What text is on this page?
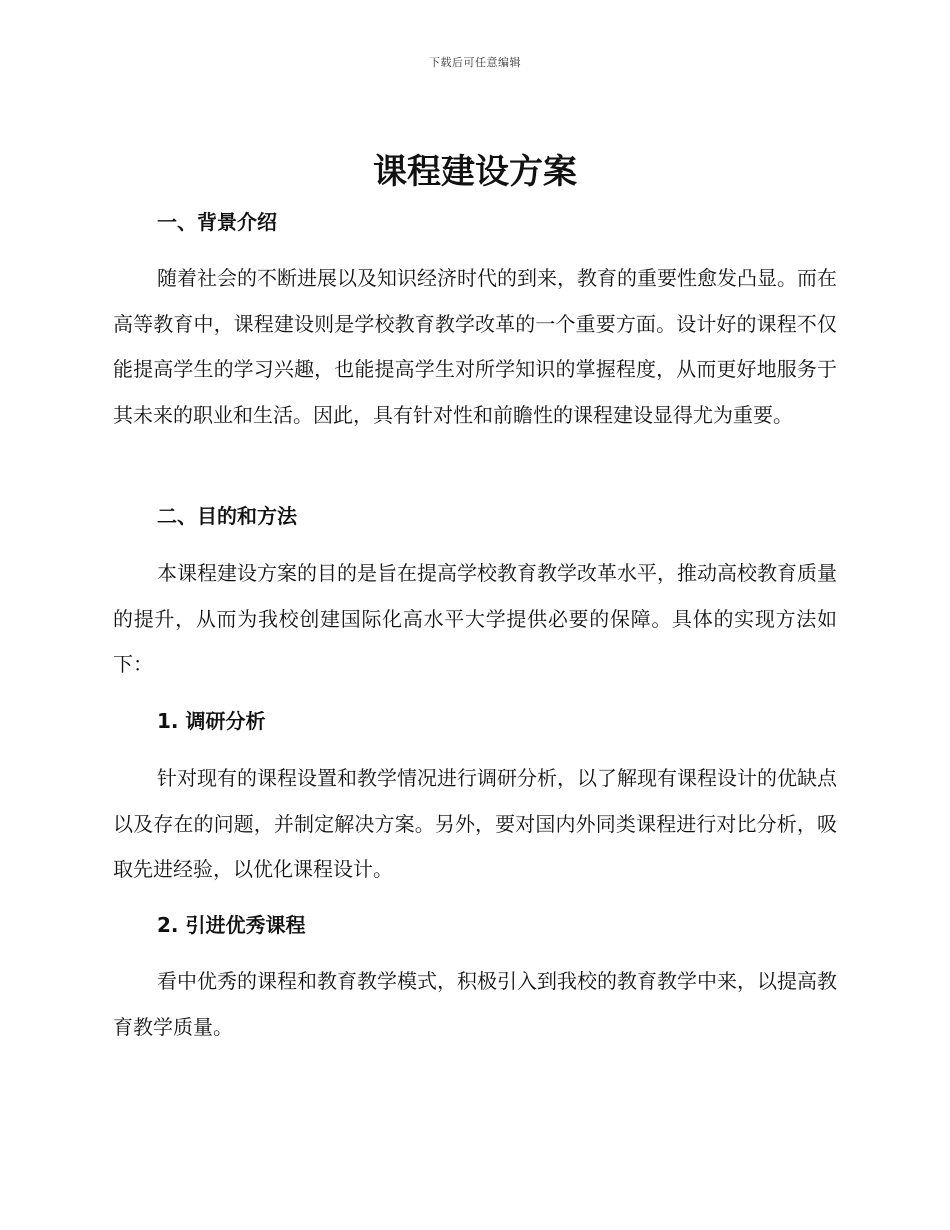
下载后可任意编辑
课程建设方案
一、背景介绍

随着社会的不断进展以及知识经济时代的到来，教育的重要性愈发凸显。而在高等教育中，课程建设则是学校教育教学改革的一个重要方面。设计好的课程不仅能提高学生的学习兴趣，也能提高学生对所学知识的掌握程度，从而更好地服务于其未来的职业和生活。因此，具有针对性和前瞻性的课程建设显得尤为重要。

二、目的和方法

本课程建设方案的目的是旨在提高学校教育教学改革水平，推动高校教育质量的提升，从而为我校创建国际化高水平大学提供必要的保障。具体的实现方法如下：

1. 调研分析

针对现有的课程设置和教学情况进行调研分析，以了解现有课程设计的优缺点以及存在的问题，并制定解决方案。另外，要对国内外同类课程进行对比分析，吸取先进经验，以优化课程设计。

2. 引进优秀课程

看中优秀的课程和教育教学模式，积极引入到我校的教育教学中来，以提高教育教学质量。
